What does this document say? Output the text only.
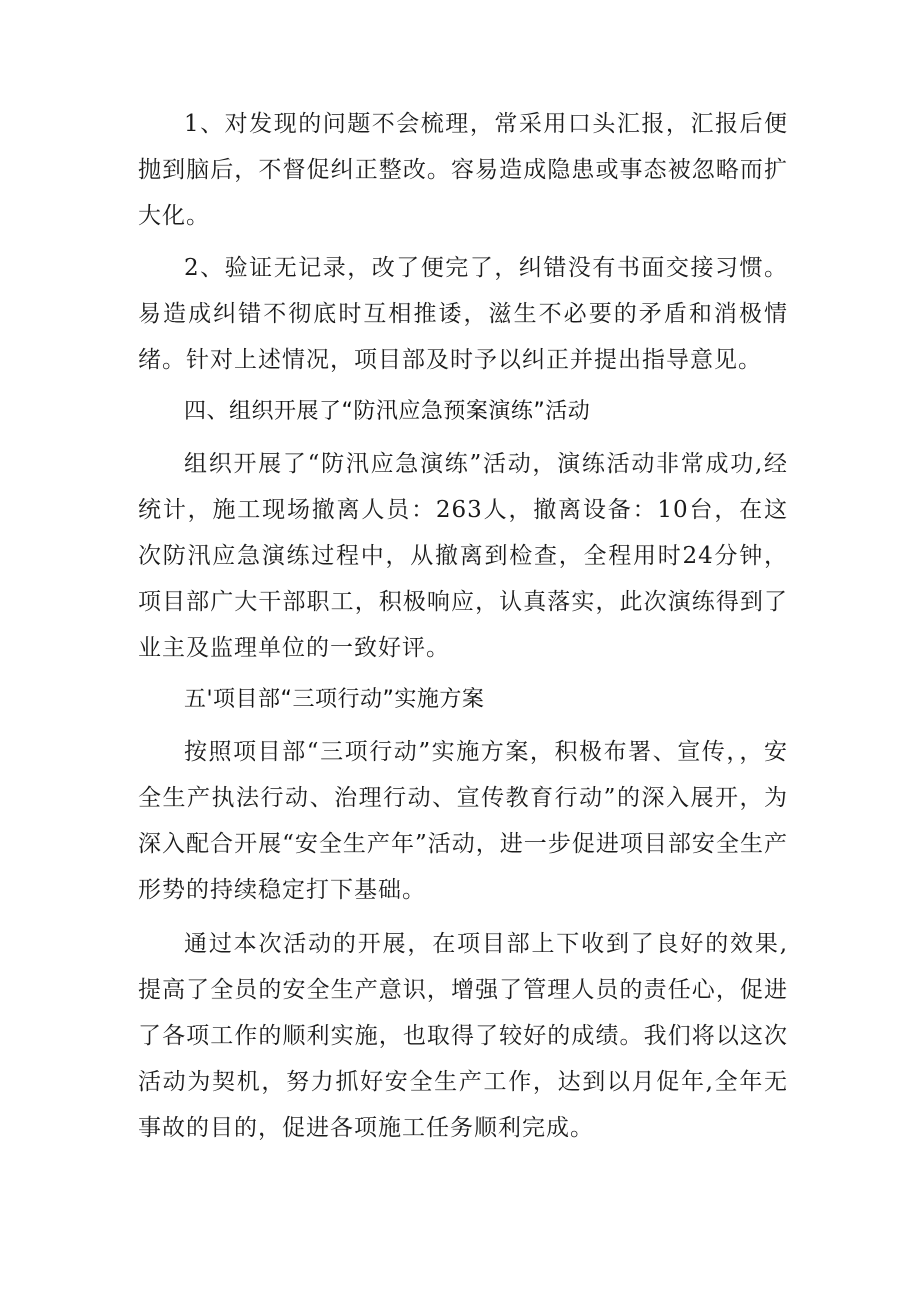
1、对发现的问题不会梳理，常采用口头汇报，汇报后便抛到脑后，不督促纠正整改。容易造成隐患或事态被忽略而扩大化。

2、验证无记录，改了便完了，纠错没有书面交接习惯。易造成纠错不彻底时互相推诿，滋生不必要的矛盾和消极情绪。针对上述情况，项目部及时予以纠正并提出指导意见。

四、组织开展了“防汛应急预案演练”活动

组织开展了“防汛应急演练”活动，演练活动非常成功,经统计，施工现场撤离人员：263人，撤离设备：10台，在这次防汛应急演练过程中，从撤离到检查，全程用时24分钟，项目部广大干部职工，积极响应，认真落实，此次演练得到了业主及监理单位的一致好评。

五'项目部“三项行动”实施方案

按照项目部“三项行动”实施方案，积极布署、宣传，，安全生产执法行动、治理行动、宣传教育行动”的深入展开，为深入配合开展“安全生产年”活动，进一步促进项目部安全生产形势的持续稳定打下基础。

通过本次活动的开展，在项目部上下收到了良好的效果,提高了全员的安全生产意识，增强了管理人员的责任心，促进了各项工作的顺利实施，也取得了较好的成绩。我们将以这次活动为契机，努力抓好安全生产工作，达到以月促年,全年无事故的目的，促进各项施工任务顺利完成。
